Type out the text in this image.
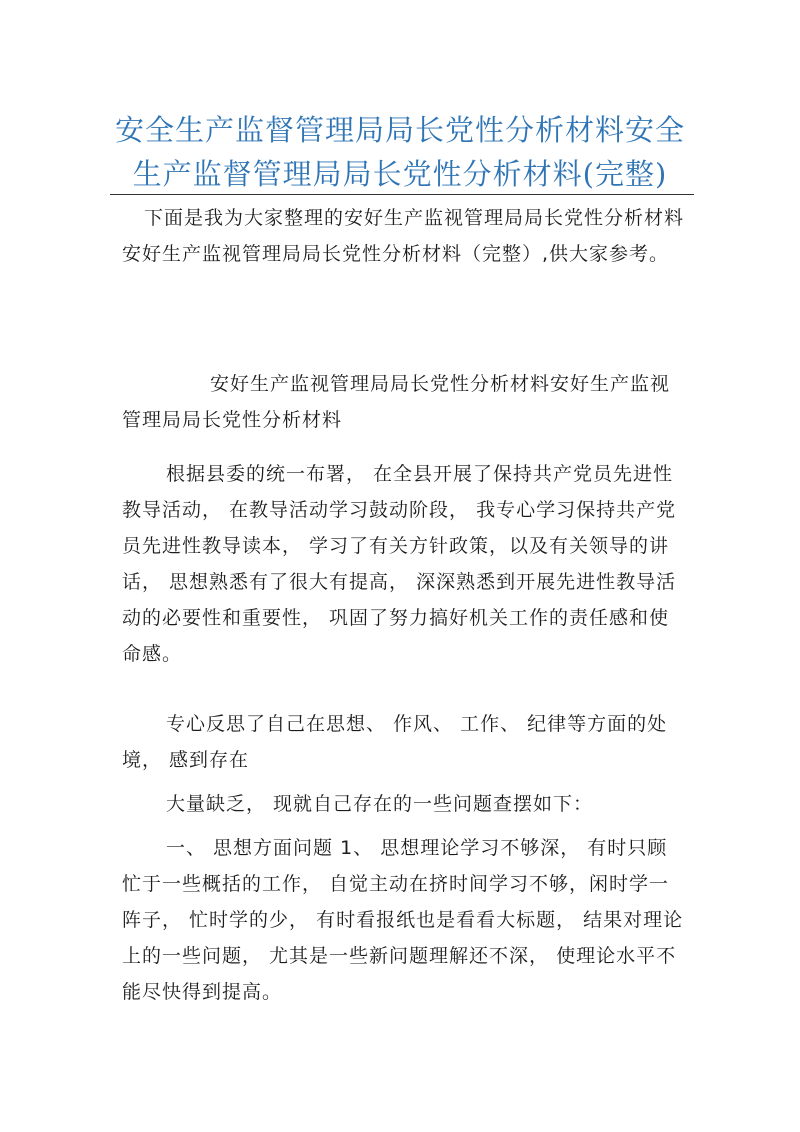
安全生产监督管理局局长党性分析材料安全生产监督管理局局长党性分析材料(完整)
下面是我为大家整理的安好生产监视管理局局长党性分析材料安好生产监视管理局局长党性分析材料（完整）,供大家参考。
安好生产监视管理局局长党性分析材料安好生产监视管理局局长党性分析材料
根据县委的统一布署， 在全县开展了保持共产党员先进性教导活动， 在教导活动学习鼓动阶段， 我专心学习保持共产党员先进性教导读本， 学习了有关方针政策，以及有关领导的讲话， 思想熟悉有了很大有提高， 深深熟悉到开展先进性教导活动的必要性和重要性， 巩固了努力搞好机关工作的责任感和使命感。
专心反思了自己在思想、 作风、 工作、 纪律等方面的处境， 感到存在
大量缺乏， 现就自己存在的一些问题查摆如下：
一、 思想方面问题 1、 思想理论学习不够深， 有时只顾忙于一些概括的工作， 自觉主动在挤时间学习不够，闲时学一阵子， 忙时学的少， 有时看报纸也是看看大标题， 结果对理论上的一些问题， 尤其是一些新问题理解还不深， 使理论水平不能尽快得到提高。
